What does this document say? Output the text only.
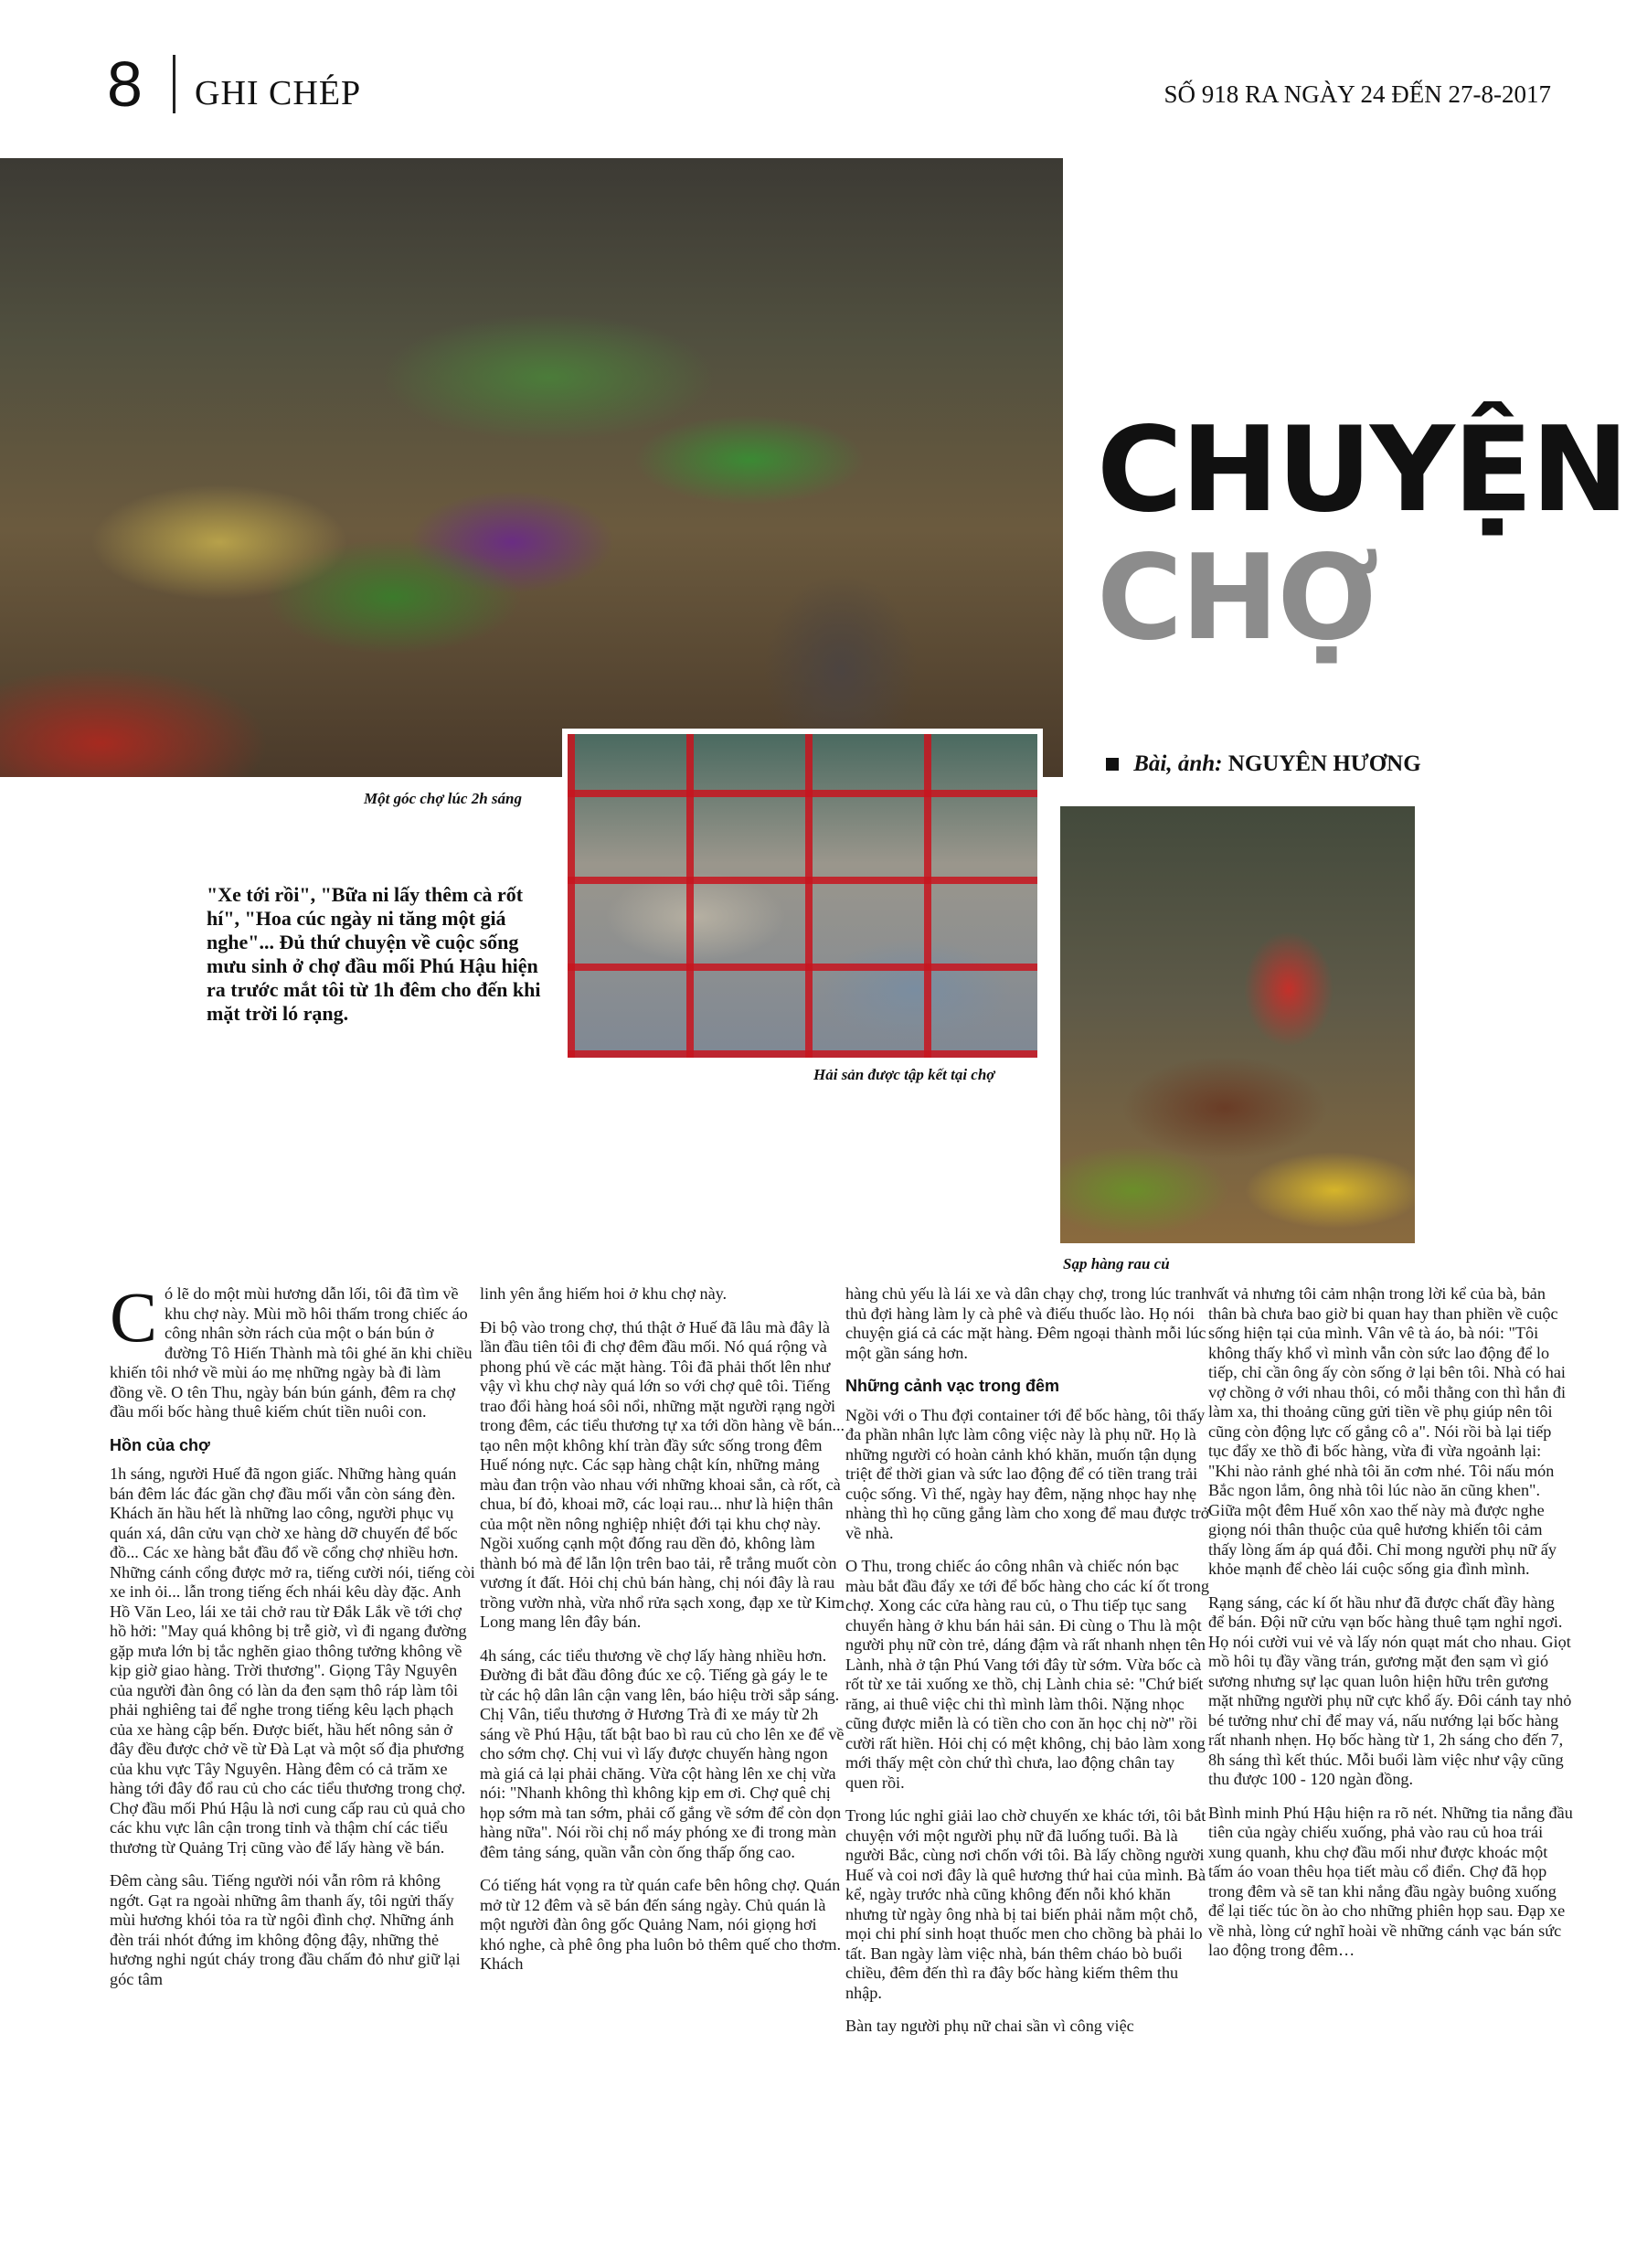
8 GHI CHÉP	SỐ 918 RA NGÀY 24 ĐẾN 27-8-2017
CHUYỆN
CHỢ
Bài, ảnh: NGUYÊN HƯƠNG
Một góc chợ lúc 2h sáng
Hải sản được tập kết tại chợ
Sạp hàng rau củ
"Xe tới rồi", "Bữa ni lấy thêm cà rốt hí", "Hoa cúc ngày ni tăng một giá nghe"... Đủ thứ chuyện về cuộc sống mưu sinh ở chợ đầu mối Phú Hậu hiện ra trước mắt tôi từ 1h đêm cho đến khi mặt trời ló rạng.

Có lẽ do một mùi hương dẫn lối, tôi đã tìm về khu chợ này. Mùi mồ hôi thấm trong chiếc áo công nhân sờn rách của một o bán bún ở đường Tô Hiến Thành mà tôi ghé ăn khi chiều khiến tôi nhớ về mùi áo mẹ những ngày bà đi làm đồng về. O tên Thu, ngày bán bún gánh, đêm ra chợ đầu mối bốc hàng thuê kiếm chút tiền nuôi con.

Hồn của chợ

1h sáng, người Huế đã ngon giấc. Những hàng quán bán đêm lác đác gần chợ đầu mối vẫn còn sáng đèn. Khách ăn hầu hết là những lao công, người phục vụ quán xá, dân cửu vạn chờ xe hàng dỡ chuyến để bốc đồ... Các xe hàng bắt đầu đổ về cổng chợ nhiều hơn. Những cánh cổng được mở ra, tiếng cười nói, tiếng còi xe inh ỏi... lẫn trong tiếng ếch nhái kêu dày đặc. Anh Hồ Văn Leo, lái xe tải chở rau từ Đắk Lắk về tới chợ hồ hởi: "May quá không bị trễ giờ, vì đi ngang đường gặp mưa lớn bị tắc nghẽn giao thông tưởng không về kịp giờ giao hàng. Trời thương". Giọng Tây Nguyên của người đàn ông có làn da đen sạm thô ráp làm tôi phải nghiêng tai để nghe trong tiếng kêu lạch phạch của xe hàng cập bến. Được biết, hầu hết nông sản ở đây đều được chở về từ Đà Lạt và một số địa phương của khu vực Tây Nguyên. Hàng đêm có cả trăm xe hàng tới đây đổ rau củ cho các tiểu thương trong chợ. Chợ đầu mối Phú Hậu là nơi cung cấp rau củ quả cho các khu vực lân cận trong tỉnh và thậm chí các tiểu thương từ Quảng Trị cũng vào để lấy hàng về bán.

Đêm càng sâu. Tiếng người nói vẫn rôm rả không ngớt. Gạt ra ngoài những âm thanh ấy, tôi ngửi thấy mùi hương khói tỏa ra từ ngôi đình chợ. Những ánh đèn trái nhót đứng im không động đậy, những thẻ hương nghi ngút cháy trong đầu chấm đỏ như giữ lại góc tâm

linh yên ắng hiếm hoi ở khu chợ này.

Đi bộ vào trong chợ, thú thật ở Huế đã lâu mà đây là lần đầu tiên tôi đi chợ đêm đầu mối. Nó quá rộng và phong phú về các mặt hàng. Tôi đã phải thốt lên như vậy vì khu chợ này quá lớn so với chợ quê tôi. Tiếng trao đổi hàng hoá sôi nổi, những mặt người rạng ngời trong đêm, các tiểu thương tự xa tới dồn hàng về bán... tạo nên một không khí tràn đầy sức sống trong đêm Huế nóng nực. Các sạp hàng chật kín, những mảng màu đan trộn vào nhau với những khoai sắn, cà rốt, cà chua, bí đỏ, khoai mỡ, các loại rau... như là hiện thân của một nền nông nghiệp nhiệt đới tại khu chợ này. Ngồi xuống cạnh một đống rau dền đỏ, không làm thành bó mà để lẫn lộn trên bao tải, rễ trắng muốt còn vương ít đất. Hỏi chị chủ bán hàng, chị nói đây là rau trồng vườn nhà, vừa nhổ rửa sạch xong, đạp xe từ Kim Long mang lên đây bán.

4h sáng, các tiểu thương về chợ lấy hàng nhiều hơn. Đường đi bắt đầu đông đúc xe cộ. Tiếng gà gáy le te từ các hộ dân lân cận vang lên, báo hiệu trời sắp sáng. Chị Vân, tiểu thương ở Hương Trà đi xe máy từ 2h sáng về Phú Hậu, tất bật bao bì rau củ cho lên xe để về cho sớm chợ. Chị vui vì lấy được chuyến hàng ngon mà giá cả lại phải chăng. Vừa cột hàng lên xe chị vừa nói: "Nhanh không thì không kịp em ơi. Chợ quê chị họp sớm mà tan sớm, phải cố gắng về sớm để còn dọn hàng nữa". Nói rồi chị nổ máy phóng xe đi trong màn đêm tảng sáng, quần vẫn còn ống thấp ống cao.

Có tiếng hát vọng ra từ quán cafe bên hông chợ. Quán mở từ 12 đêm và sẽ bán đến sáng ngày. Chủ quán là một người đàn ông gốc Quảng Nam, nói giọng hơi khó nghe, cà phê ông pha luôn bỏ thêm quế cho thơm. Khách

hàng chủ yếu là lái xe và dân chạy chợ, trong lúc tranh thủ đợi hàng làm ly cà phê và điếu thuốc lào. Họ nói chuyện giá cả các mặt hàng. Đêm ngoại thành mỗi lúc một gần sáng hơn.

Những cảnh vạc trong đêm

Ngồi với o Thu đợi container tới để bốc hàng, tôi thấy đa phần nhân lực làm công việc này là phụ nữ. Họ là những người có hoàn cảnh khó khăn, muốn tận dụng triệt để thời gian và sức lao động để có tiền trang trải cuộc sống. Vì thế, ngày hay đêm, nặng nhọc hay nhẹ nhàng thì họ cũng gắng làm cho xong để mau được trở về nhà.

O Thu, trong chiếc áo công nhân và chiếc nón bạc màu bắt đầu đẩy xe tới để bốc hàng cho các kí ốt trong chợ. Xong các cửa hàng rau củ, o Thu tiếp tục sang chuyển hàng ở khu bán hải sản. Đi cùng o Thu là một người phụ nữ còn trẻ, dáng đậm và rất nhanh nhẹn tên Lành, nhà ở tận Phú Vang tới đây từ sớm. Vừa bốc cà rốt từ xe tải xuống xe thồ, chị Lành chia sẻ: "Chứ biết răng, ai thuê việc chi thì mình làm thôi. Nặng nhọc cũng được miễn là có tiền cho con ăn học chị nờ" rồi cười rất hiền. Hỏi chị có mệt không, chị bảo làm xong mới thấy mệt còn chứ thì chưa, lao động chân tay quen rồi.

Trong lúc nghỉ giải lao chờ chuyến xe khác tới, tôi bắt chuyện với một người phụ nữ đã luống tuổi. Bà là người Bắc, cùng nơi chốn với tôi. Bà lấy chồng người Huế và coi nơi đây là quê hương thứ hai của mình. Bà kể, ngày trước nhà cũng không đến nỗi khó khăn nhưng từ ngày ông nhà bị tai biến phải nằm một chỗ, mọi chi phí sinh hoạt thuốc men cho chồng bà phải lo tất. Ban ngày làm việc nhà, bán thêm cháo bò buổi chiều, đêm đến thì ra đây bốc hàng kiếm thêm thu nhập.

Bàn tay người phụ nữ chai sần vì công việc

vất vả nhưng tôi cảm nhận trong lời kể của bà, bản thân bà chưa bao giờ bi quan hay than phiền về cuộc sống hiện tại của mình. Vân vê tà áo, bà nói: "Tôi không thấy khổ vì mình vẫn còn sức lao động để lo tiếp, chỉ cần ông ấy còn sống ở lại bên tôi. Nhà có hai vợ chồng ở với nhau thôi, có mỗi thằng con thì hắn đi làm xa, thi thoảng cũng gửi tiền về phụ giúp nên tôi cũng còn động lực cố gắng cô a". Nói rồi bà lại tiếp tục đẩy xe thồ đi bốc hàng, vừa đi vừa ngoảnh lại: "Khi nào rảnh ghé nhà tôi ăn cơm nhé. Tôi nấu món Bắc ngon lắm, ông nhà tôi lúc nào ăn cũng khen". Giữa một đêm Huế xôn xao thế này mà được nghe giọng nói thân thuộc của quê hương khiến tôi cảm thấy lòng ấm áp quá đỗi. Chỉ mong người phụ nữ ấy khỏe mạnh để chèo lái cuộc sống gia đình mình.

Rạng sáng, các kí ốt hầu như đã được chất đầy hàng để bán. Đội nữ cửu vạn bốc hàng thuê tạm nghỉ ngơi. Họ nói cười vui vẻ và lấy nón quạt mát cho nhau. Giọt mồ hôi tụ đầy vầng trán, gương mặt đen sạm vì gió sương nhưng sự lạc quan luôn hiện hữu trên gương mặt những người phụ nữ cực khổ ấy. Đôi cánh tay nhỏ bé tưởng như chỉ để may vá, nấu nướng lại bốc hàng rất nhanh nhẹn. Họ bốc hàng từ 1, 2h sáng cho đến 7, 8h sáng thì kết thúc. Mỗi buổi làm việc như vậy cũng thu được 100 - 120 ngàn đồng.

Bình minh Phú Hậu hiện ra rõ nét. Những tia nắng đầu tiên của ngày chiếu xuống, phả vào rau củ hoa trái xung quanh, khu chợ đầu mối như được khoác một tấm áo voan thêu họa tiết màu cổ điển. Chợ đã họp trong đêm và sẽ tan khi nắng đầu ngày buông xuống để lại tiếc túc ồn ào cho những phiên họp sau. Đạp xe về nhà, lòng cứ nghĩ hoài về những cánh vạc bán sức lao động trong đêm…
